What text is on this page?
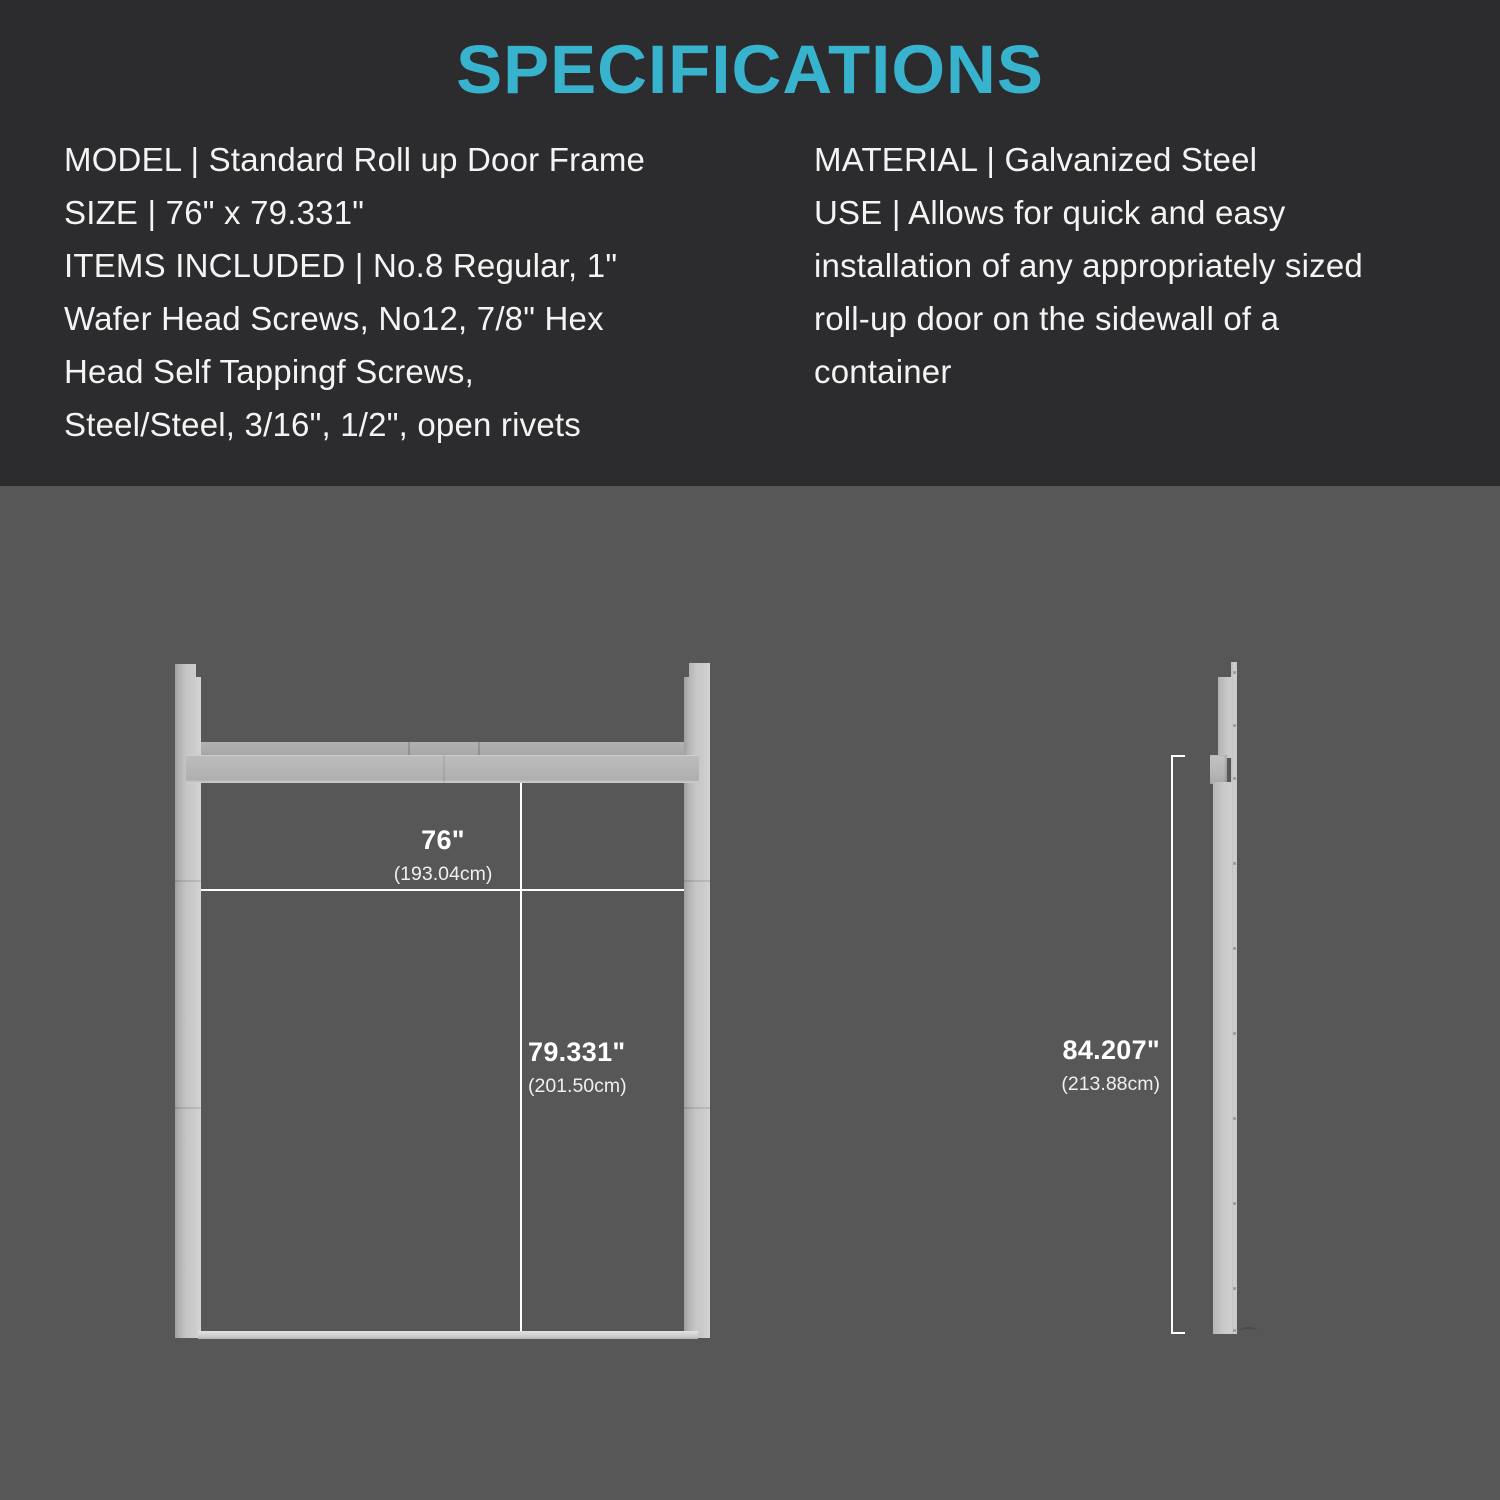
SPECIFICATIONS
MODEL | Standard Roll up Door Frame
SIZE | 76" x 79.331"
ITEMS INCLUDED | No.8 Regular, 1"
Wafer Head Screws, No12, 7/8" Hex
Head Self Tappingf Screws,
Steel/Steel, 3/16", 1/2", open rivets
MATERIAL | Galvanized Steel
USE | Allows for quick and easy
installation of any appropriately sized
roll-up door on the sidewall of a
container
76"
(193.04cm)
79.331"
(201.50cm)
84.207"
(213.88cm)
